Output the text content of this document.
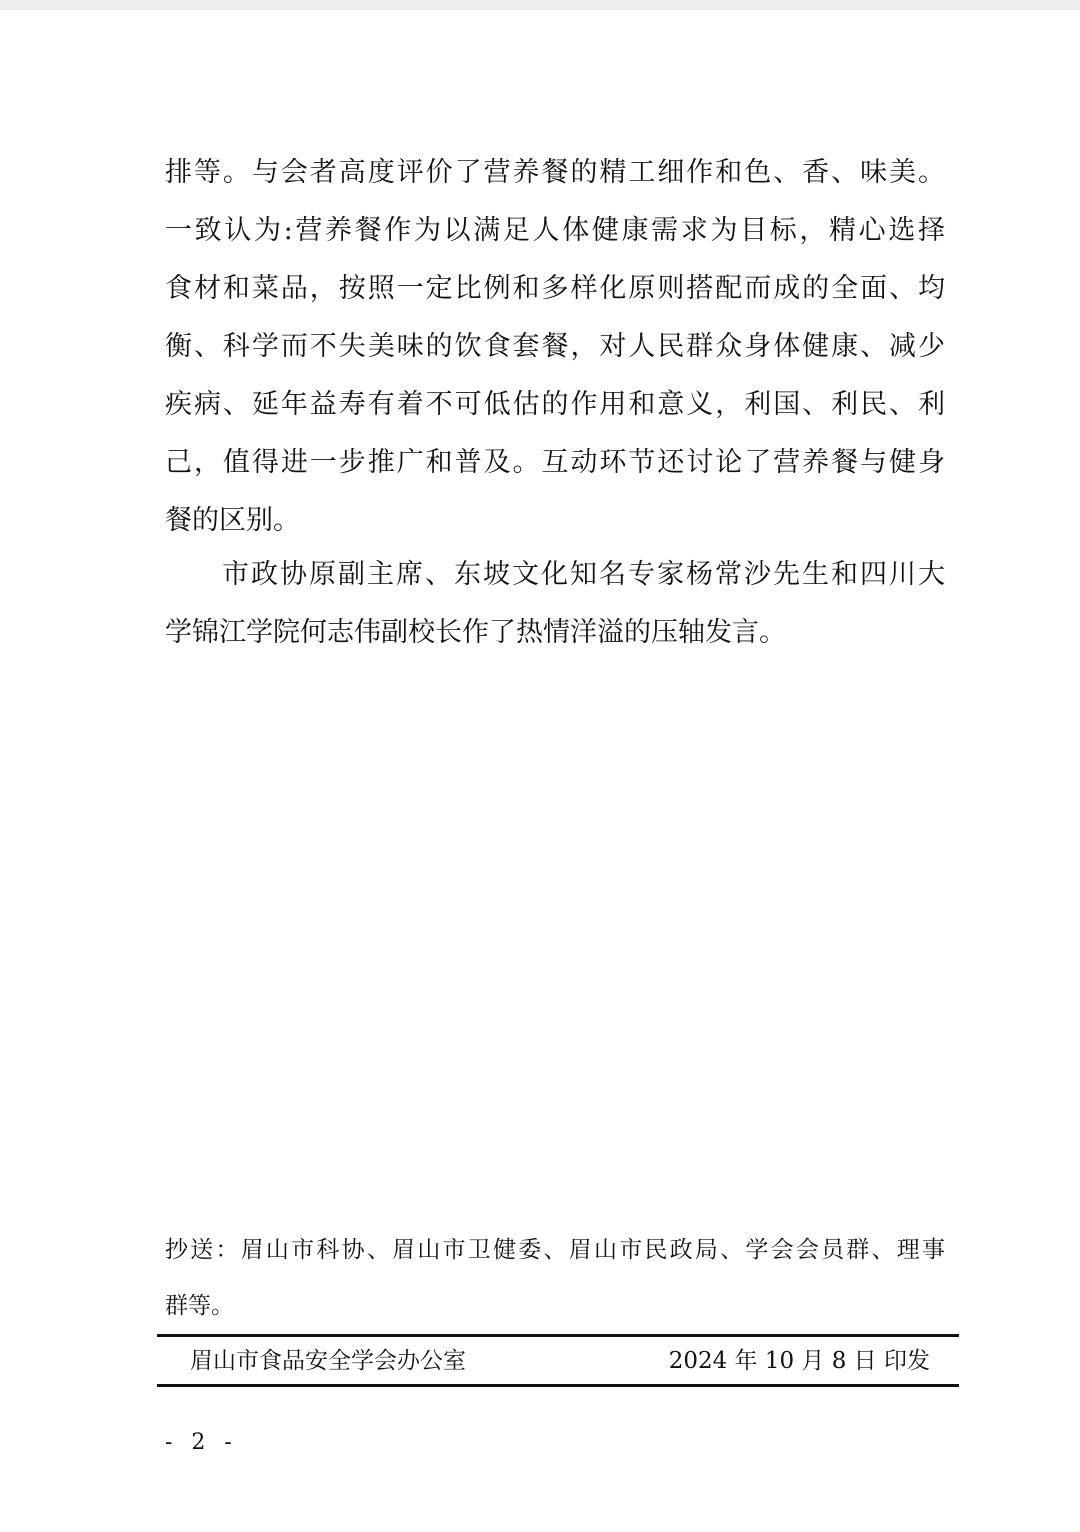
排等。与会者高度评价了营养餐的精工细作和色、香、味美。
一致认为:营养餐作为以满足人体健康需求为目标，精心选择
食材和菜品，按照一定比例和多样化原则搭配而成的全面、均
衡、科学而不失美味的饮食套餐，对人民群众身体健康、减少
疾病、延年益寿有着不可低估的作用和意义，利国、利民、利
己，值得进一步推广和普及。互动环节还讨论了营养餐与健身
餐的区别。
市政协原副主席、东坡文化知名专家杨常沙先生和四川大
学锦江学院何志伟副校长作了热情洋溢的压轴发言。
抄送：眉山市科协、眉山市卫健委、眉山市民政局、学会会员群、理事
群等。
眉山市食品安全学会办公室	2024 年 10 月 8 日 印发
- 2 -
